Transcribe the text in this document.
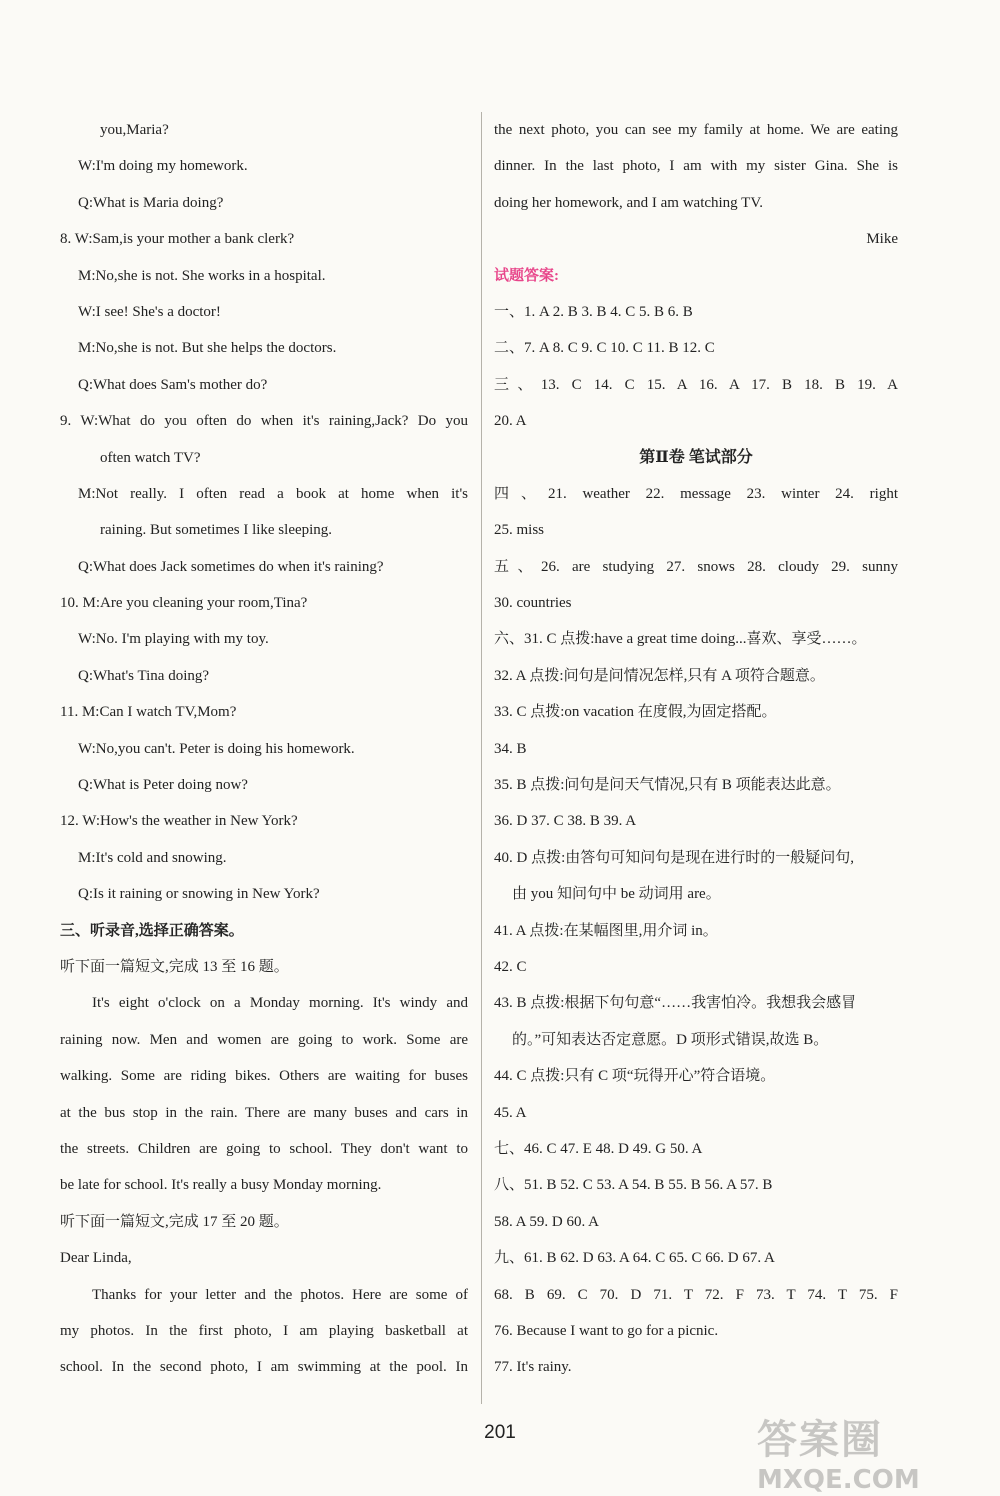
you,Maria?
W:I'm doing my homework.
Q:What is Maria doing?
8. W:Sam,is your mother a bank clerk?
M:No,she is not. She works in a hospital.
W:I see! She's a doctor!
M:No,she is not. But she helps the doctors.
Q:What does Sam's mother do?
9. W:What do you often do when it's raining,Jack? Do you
often watch TV?
M:Not really. I often read a book at home when it's
raining. But sometimes I like sleeping.
Q:What does Jack sometimes do when it's raining?
10. M:Are you cleaning your room,Tina?
W:No. I'm playing with my toy.
Q:What's Tina doing?
11. M:Can I watch TV,Mom?
W:No,you can't. Peter is doing his homework.
Q:What is Peter doing now?
12. W:How's the weather in New York?
M:It's cold and snowing.
Q:Is it raining or snowing in New York?
三、听录音,选择正确答案。
听下面一篇短文,完成 13 至 16 题。
It's eight o'clock on a Monday morning. It's windy and
raining now. Men and women are going to work. Some are
walking. Some are riding bikes. Others are waiting for buses
at the bus stop in the rain. There are many buses and cars in
the streets. Children are going to school. They don't want to
be late for school. It's really a busy Monday morning.
听下面一篇短文,完成 17 至 20 题。
Dear Linda,
Thanks for your letter and the photos. Here are some of
my photos. In the first photo, I am playing basketball at
school. In the second photo, I am swimming at the pool. In
the next photo, you can see my family at home. We are eating
dinner. In the last photo, I am with my sister Gina. She is
doing her homework, and I am watching TV.
Mike
试题答案:
一、1. A 2. B 3. B 4. C 5. B 6. B
二、7. A 8. C 9. C 10. C 11. B 12. C
三、13. C 14. C 15. A 16. A 17. B 18. B 19. A
20. A
第Ⅱ卷 笔试部分
四、21. weather 22. message 23. winter 24. right
25. miss
五、26. are studying 27. snows 28. cloudy 29. sunny
30. countries
六、31. C 点拨:have a great time doing...喜欢、享受……。
32. A 点拨:问句是问情况怎样,只有 A 项符合题意。
33. C 点拨:on vacation 在度假,为固定搭配。
34. B
35. B 点拨:问句是问天气情况,只有 B 项能表达此意。
36. D 37. C 38. B 39. A
40. D 点拨:由答句可知问句是现在进行时的一般疑问句,
由 you 知问句中 be 动词用 are。
41. A 点拨:在某幅图里,用介词 in。
42. C
43. B 点拨:根据下句句意“……我害怕冷。我想我会感冒
的。”可知表达否定意愿。D 项形式错误,故选 B。
44. C 点拨:只有 C 项“玩得开心”符合语境。
45. A
七、46. C 47. E 48. D 49. G 50. A
八、51. B 52. C 53. A 54. B 55. B 56. A 57. B
58. A 59. D 60. A
九、61. B 62. D 63. A 64. C 65. C 66. D 67. A
68. B 69. C 70. D 71. T 72. F 73. T 74. T 75. F
76. Because I want to go for a picnic.
77. It's rainy.
201	答案圈
MXQE.COM
